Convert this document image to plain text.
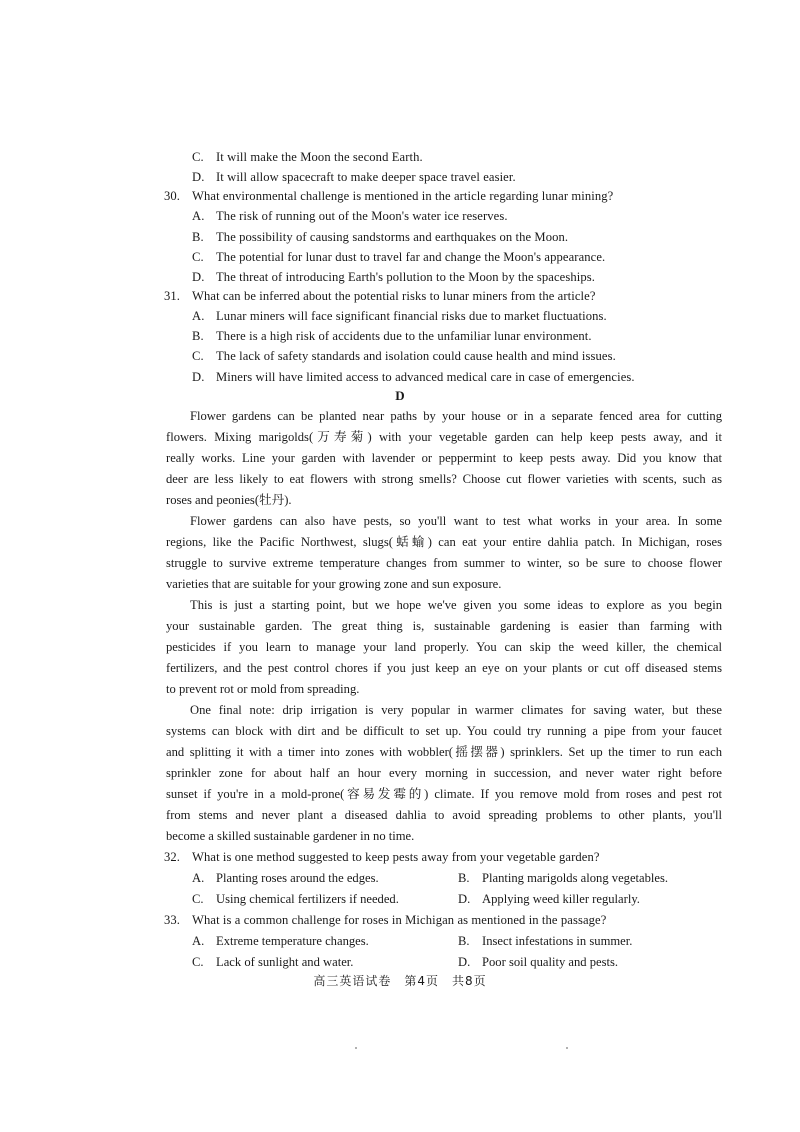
C. It will make the Moon the second Earth.
D. It will allow spacecraft to make deeper space travel easier.
30. What environmental challenge is mentioned in the article regarding lunar mining?
A. The risk of running out of the Moon's water ice reserves.
B. The possibility of causing sandstorms and earthquakes on the Moon.
C. The potential for lunar dust to travel far and change the Moon's appearance.
D. The threat of introducing Earth's pollution to the Moon by the spaceships.
31. What can be inferred about the potential risks to lunar miners from the article?
A. Lunar miners will face significant financial risks due to market fluctuations.
B. There is a high risk of accidents due to the unfamiliar lunar environment.
C. The lack of safety standards and isolation could cause health and mind issues.
D. Miners will have limited access to advanced medical care in case of emergencies.
D
Flower gardens can be planted near paths by your house or in a separate fenced area for cutting
flowers. Mixing marigolds(万寿菊) with your vegetable garden can help keep pests away, and it
really works. Line your garden with lavender or peppermint to keep pests away. Did you know that
deer are less likely to eat flowers with strong smells? Choose cut flower varieties with scents, such as
roses and peonies(牡丹).
Flower gardens can also have pests, so you'll want to test what works in your area. In some
regions, like the Pacific Northwest, slugs(蛞蝓) can eat your entire dahlia patch. In Michigan, roses
struggle to survive extreme temperature changes from summer to winter, so be sure to choose flower
varieties that are suitable for your growing zone and sun exposure.
This is just a starting point, but we hope we've given you some ideas to explore as you begin
your sustainable garden. The great thing is, sustainable gardening is easier than farming with
pesticides if you learn to manage your land properly. You can skip the weed killer, the chemical
fertilizers, and the pest control chores if you just keep an eye on your plants or cut off diseased stems
to prevent rot or mold from spreading.
One final note: drip irrigation is very popular in warmer climates for saving water, but these
systems can block with dirt and be difficult to set up. You could try running a pipe from your faucet
and splitting it with a timer into zones with wobbler(摇摆器) sprinklers. Set up the timer to run each
sprinkler zone for about half an hour every morning in succession, and never water right before
sunset if you're in a mold-prone(容易发霉的) climate. If you remove mold from roses and pest rot
from stems and never plant a diseased dahlia to avoid spreading problems to other plants, you'll
become a skilled sustainable gardener in no time.
32. What is one method suggested to keep pests away from your vegetable garden?
A. Planting roses around the edges.	B. Planting marigolds along vegetables.
C. Using chemical fertilizers if needed.	D. Applying weed killer regularly.
33. What is a common challenge for roses in Michigan as mentioned in the passage?
A. Extreme temperature changes.	B. Insect infestations in summer.
C. Lack of sunlight and water.	D. Poor soil quality and pests.
高三英语试卷　第4页　共8页
